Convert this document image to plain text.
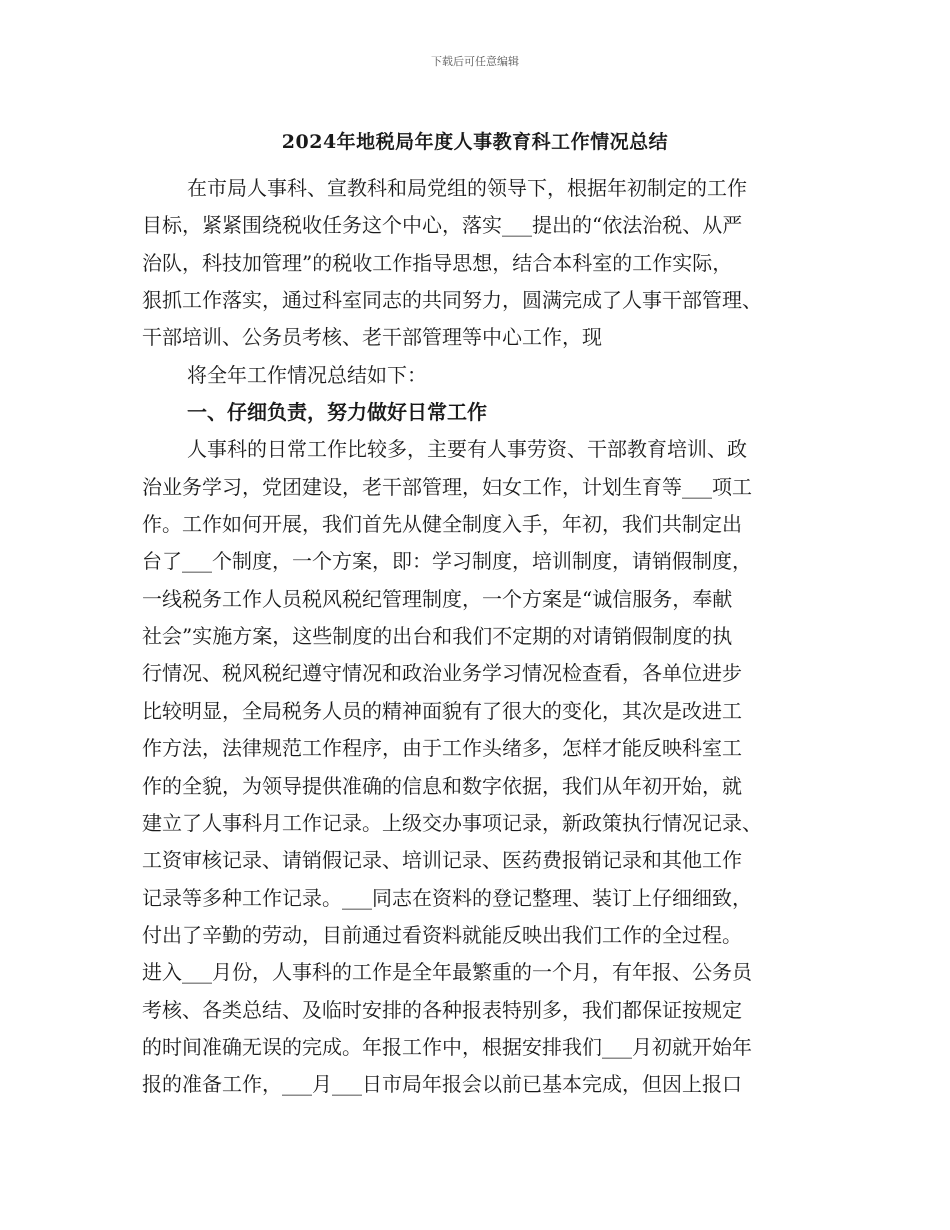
下载后可任意编辑
2024年地税局年度人事教育科工作情况总结
在市局人事科、宣教科和局党组的领导下，根据年初制定的工作
目标，紧紧围绕税收任务这个中心，落实___提出的“依法治税、从严
治队，科技加管理”的税收工作指导思想，结合本科室的工作实际，
狠抓工作落实，通过科室同志的共同努力，圆满完成了人事干部管理、
干部培训、公务员考核、老干部管理等中心工作，现
将全年工作情况总结如下：
一、仔细负责，努力做好日常工作
人事科的日常工作比较多，主要有人事劳资、干部教育培训、政
治业务学习，党团建设，老干部管理，妇女工作，计划生育等___项工
作。工作如何开展，我们首先从健全制度入手，年初，我们共制定出
台了___个制度，一个方案，即：学习制度，培训制度，请销假制度，
一线税务工作人员税风税纪管理制度，一个方案是“诚信服务，奉献
社会”实施方案，这些制度的出台和我们不定期的对请销假制度的执
行情况、税风税纪遵守情况和政治业务学习情况检查看，各单位进步
比较明显，全局税务人员的精神面貌有了很大的变化，其次是改进工
作方法，法律规范工作程序，由于工作头绪多，怎样才能反映科室工
作的全貌，为领导提供准确的信息和数字依据，我们从年初开始，就
建立了人事科月工作记录。上级交办事项记录，新政策执行情况记录、
工资审核记录、请销假记录、培训记录、医药费报销记录和其他工作
记录等多种工作记录。___同志在资料的登记整理、装订上仔细细致，
付出了辛勤的劳动，目前通过看资料就能反映出我们工作的全过程。
进入___月份，人事科的工作是全年最繁重的一个月，有年报、公务员
考核、各类总结、及临时安排的各种报表特别多，我们都保证按规定
的时间准确无误的完成。年报工作中，根据安排我们___月初就开始年
报的准备工作，___月___日市局年报会以前已基本完成，但因上报口
